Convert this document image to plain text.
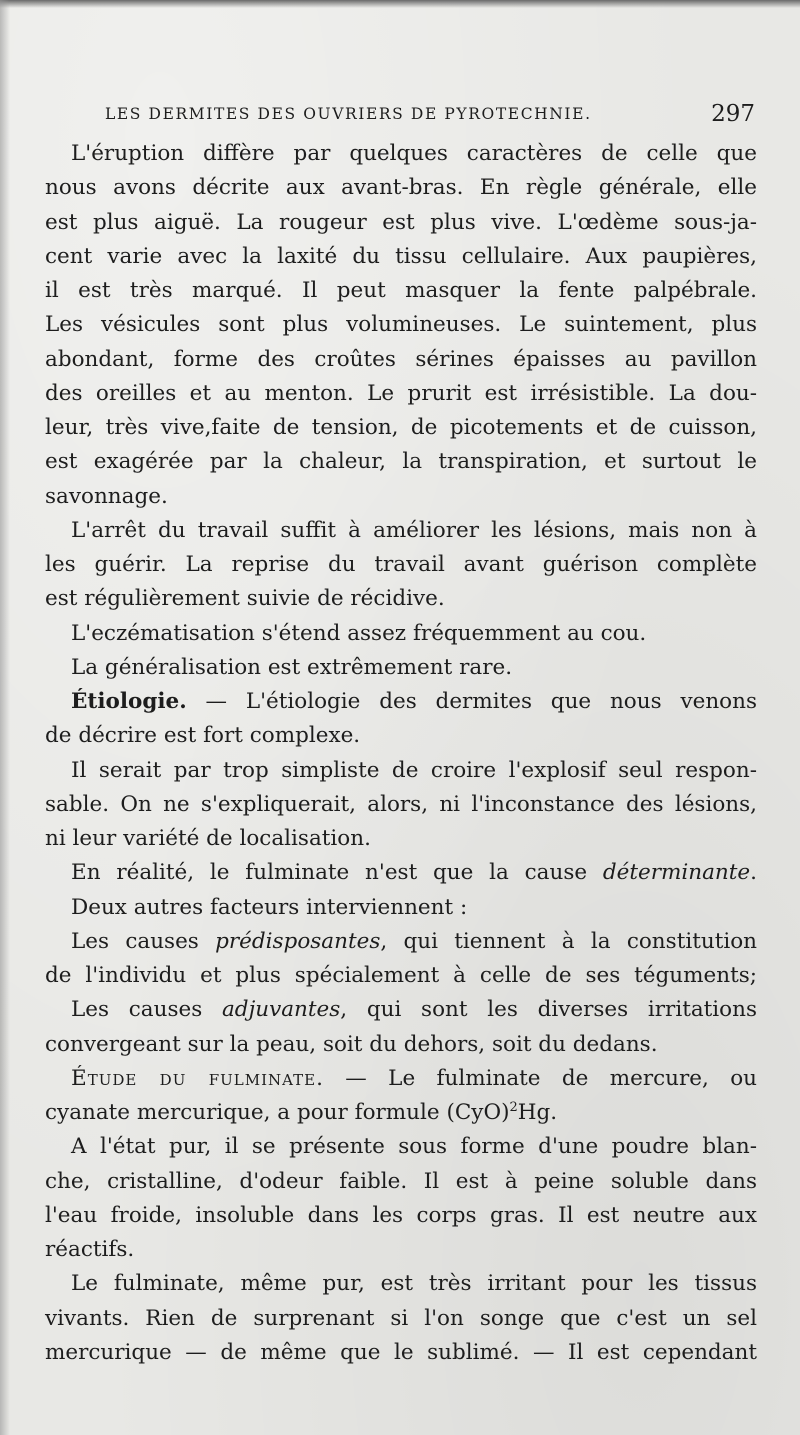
LES DERMITES DES OUVRIERS DE PYROTECHNIE.	297
L'éruption diffère par quelques caractères de celle que
nous avons décrite aux avant-bras. En règle générale, elle
est plus aiguë. La rougeur est plus vive. L'œdème sous-ja-
cent varie avec la laxité du tissu cellulaire. Aux paupières,
il est très marqué. Il peut masquer la fente palpébrale.
Les vésicules sont plus volumineuses. Le suintement, plus
abondant, forme des croûtes sérines épaisses au pavillon
des oreilles et au menton. Le prurit est irrésistible. La dou-
leur, très vive,faite de tension, de picotements et de cuisson,
est exagérée par la chaleur, la transpiration, et surtout le
savonnage.
L'arrêt du travail suffit à améliorer les lésions, mais non à
les guérir. La reprise du travail avant guérison complète
est régulièrement suivie de récidive.
L'eczématisation s'étend assez fréquemment au cou.
La généralisation est extrêmement rare.
Étiologie. — L'étiologie des dermites que nous venons
de décrire est fort complexe.
Il serait par trop simpliste de croire l'explosif seul respon-
sable. On ne s'expliquerait, alors, ni l'inconstance des lésions,
ni leur variété de localisation.
En réalité, le fulminate n'est que la cause déterminante.
Deux autres facteurs interviennent :
Les causes prédisposantes, qui tiennent à la constitution
de l'individu et plus spécialement à celle de ses téguments;
Les causes adjuvantes, qui sont les diverses irritations
convergeant sur la peau, soit du dehors, soit du dedans.
Étude du fulminate. — Le fulminate de mercure, ou
cyanate mercurique, a pour formule (CyO)$^2$Hg.
A l'état pur, il se présente sous forme d'une poudre blan-
che, cristalline, d'odeur faible. Il est à peine soluble dans
l'eau froide, insoluble dans les corps gras. Il est neutre aux
réactifs.
Le fulminate, même pur, est très irritant pour les tissus
vivants. Rien de surprenant si l'on songe que c'est un sel
mercurique — de même que le sublimé. — Il est cependant
